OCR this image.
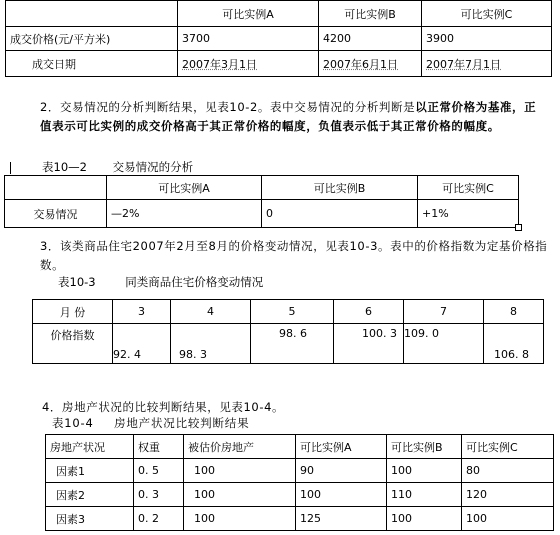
	可比实例A	可比实例B	可比实例C
成交价格(元/平方米)	3700	4200	3900
成交日期	2007年3月1日	2007年6月1日	2007年7月1日
2．交易情况的分析判断结果，见表10-2。表中交易情况的分析判断是以正常价格为基准，正值表示可比实例的成交价格高于其正常价格的幅度，负值表示低于其正常价格的幅度。
表10—2 交易情况的分析
	可比实例A	可比实例B	可比实例C
交易情况	—2%	0	+1%
3．该类商品住宅2007年2月至8月的价格变动情况，见表10-3。表中的价格指数为定基价格指数。
表10-3	同类商品住宅价格变动情况
月 份	3	4	5	6	7	8
价格指数	92. 4	98. 3	98. 6	100. 3	109. 0	106. 8
4．房地产状况的比较判断结果，见表10-4。
表10-4 房地产状况比较判断结果
房地产状况	权重	被估价房地产	可比实例A	可比实例B	可比实例C
因素1	0. 5	100	90	100	80
因素2	0. 3	100	100	110	120
因素3	0. 2	100	125	100	100
